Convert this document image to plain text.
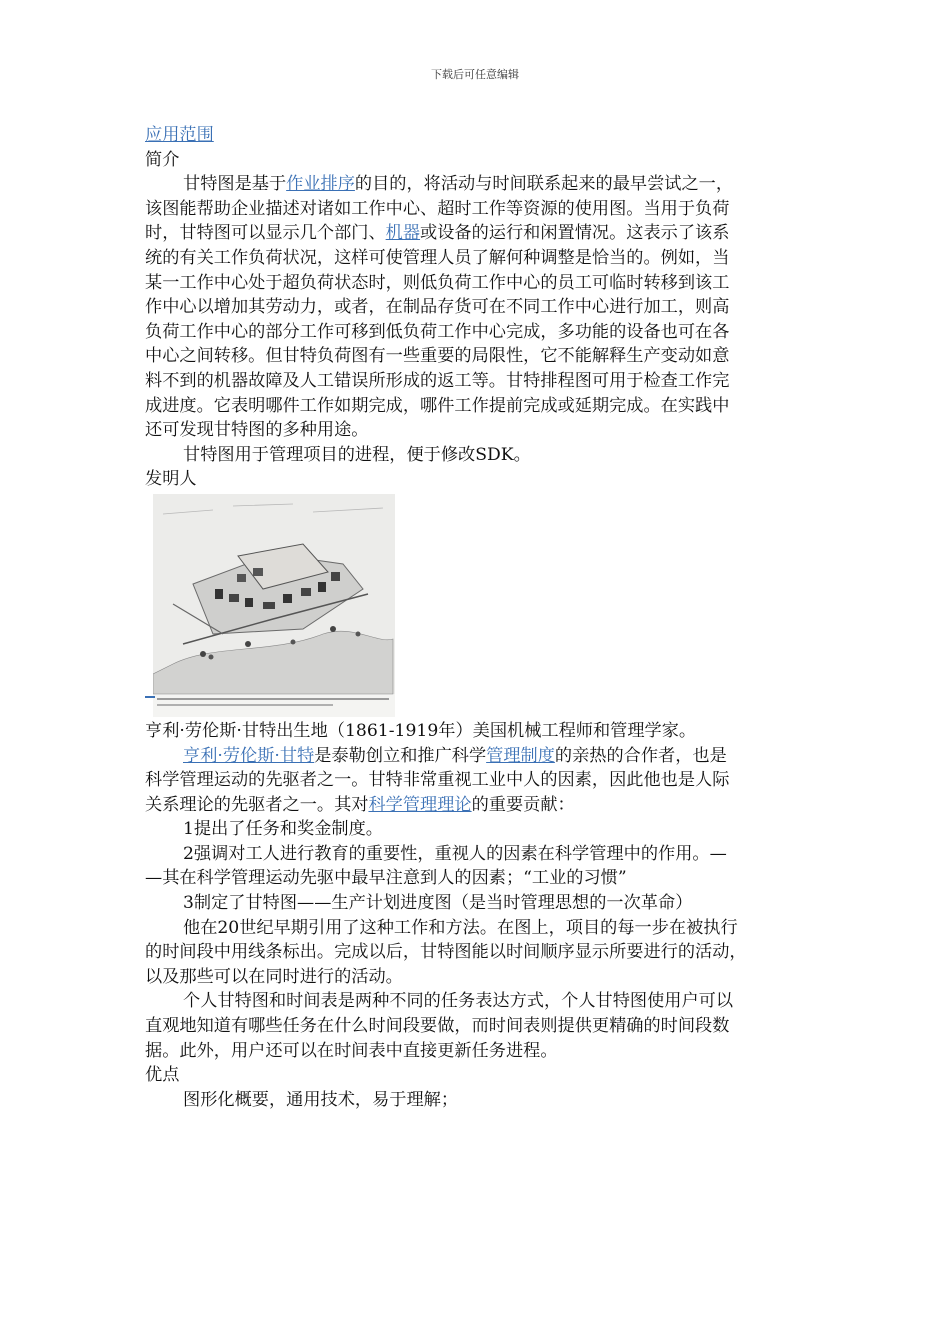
下载后可任意编辑
应用范围
简介
甘特图是基于作业排序的目的，将活动与时间联系起来的最早尝试之一，
该图能帮助企业描述对诸如工作中心、超时工作等资源的使用图。当用于负荷
时，甘特图可以显示几个部门、机器或设备的运行和闲置情况。这表示了该系
统的有关工作负荷状况，这样可使管理人员了解何种调整是恰当的。例如，当
某一工作中心处于超负荷状态时，则低负荷工作中心的员工可临时转移到该工
作中心以增加其劳动力，或者，在制品存货可在不同工作中心进行加工，则高
负荷工作中心的部分工作可移到低负荷工作中心完成，多功能的设备也可在各
中心之间转移。但甘特负荷图有一些重要的局限性，它不能解释生产变动如意
料不到的机器故障及人工错误所形成的返工等。甘特排程图可用于检查工作完
成进度。它表明哪件工作如期完成，哪件工作提前完成或延期完成。在实践中
还可发现甘特图的多种用途。
甘特图用于管理项目的进程，便于修改SDK。
发明人
亨利·劳伦斯·甘特出生地（1861-1919年）美国机械工程师和管理学家。
亨利·劳伦斯·甘特是泰勒创立和推广科学管理制度的亲热的合作者，也是
科学管理运动的先驱者之一。甘特非常重视工业中人的因素，因此他也是人际
关系理论的先驱者之一。其对科学管理理论的重要贡献：
1提出了任务和奖金制度。
2强调对工人进行教育的重要性，重视人的因素在科学管理中的作用。—
—其在科学管理运动先驱中最早注意到人的因素；“工业的习惯”
3制定了甘特图——生产计划进度图（是当时管理思想的一次革命）
他在20世纪早期引用了这种工作和方法。在图上，项目的每一步在被执行
的时间段中用线条标出。完成以后，甘特图能以时间顺序显示所要进行的活动，
以及那些可以在同时进行的活动。
个人甘特图和时间表是两种不同的任务表达方式，个人甘特图使用户可以
直观地知道有哪些任务在什么时间段要做，而时间表则提供更精确的时间段数
据。此外，用户还可以在时间表中直接更新任务进程。
优点
图形化概要，通用技术，易于理解；
